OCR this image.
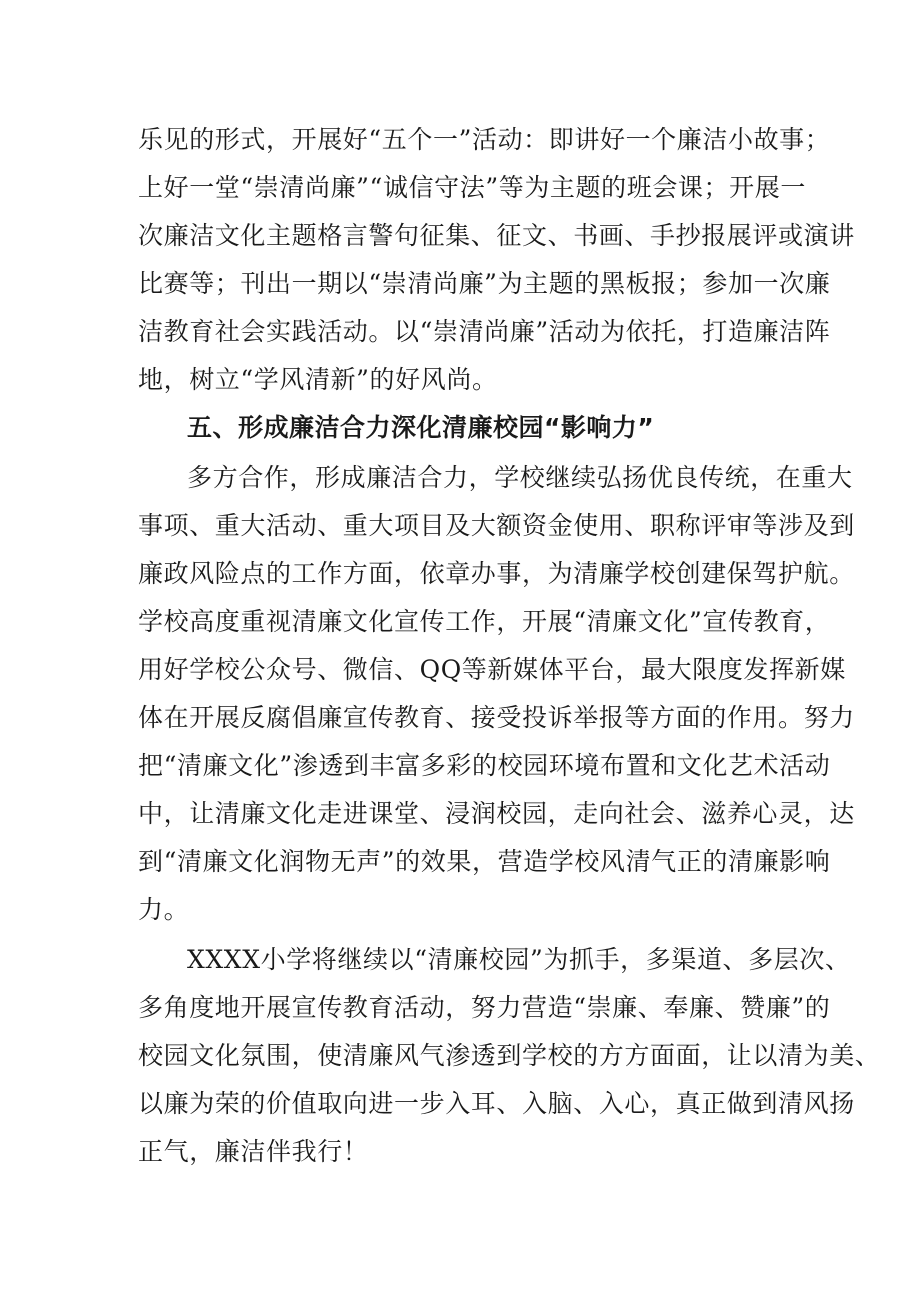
乐见的形式，开展好“五个一”活动：即讲好一个廉洁小故事；
上好一堂“崇清尚廉”“诚信守法”等为主题的班会课；开展一
次廉洁文化主题格言警句征集、征文、书画、手抄报展评或演讲
比赛等；刊出一期以“崇清尚廉”为主题的黑板报；参加一次廉
洁教育社会实践活动。以“崇清尚廉”活动为依托，打造廉洁阵
地，树立“学风清新”的好风尚。
五、形成廉洁合力深化清廉校园“影响力”
多方合作，形成廉洁合力，学校继续弘扬优良传统，在重大
事项、重大活动、重大项目及大额资金使用、职称评审等涉及到
廉政风险点的工作方面，依章办事，为清廉学校创建保驾护航。
学校高度重视清廉文化宣传工作，开展“清廉文化”宣传教育，
用好学校公众号、微信、QQ等新媒体平台，最大限度发挥新媒
体在开展反腐倡廉宣传教育、接受投诉举报等方面的作用。努力
把“清廉文化”渗透到丰富多彩的校园环境布置和文化艺术活动
中，让清廉文化走进课堂、浸润校园，走向社会、滋养心灵，达
到“清廉文化润物无声”的效果，营造学校风清气正的清廉影响
力。
XXXX小学将继续以“清廉校园”为抓手，多渠道、多层次、
多角度地开展宣传教育活动，努力营造“崇廉、奉廉、赞廉”的
校园文化氛围，使清廉风气渗透到学校的方方面面，让以清为美、
以廉为荣的价值取向进一步入耳、入脑、入心，真正做到清风扬
正气，廉洁伴我行！
